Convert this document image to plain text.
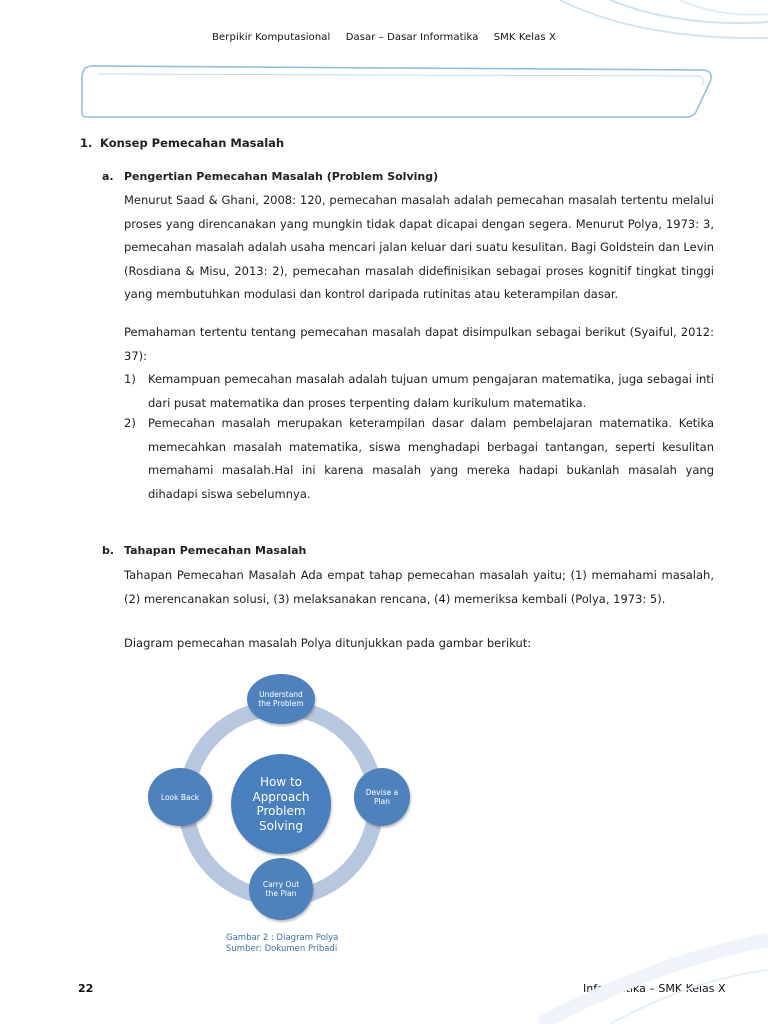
Berpikir Komputasional Dasar – Dasar Informatika SMK Kelas X
1. Konsep Pemecahan Masalah
a. Pengertian Pemecahan Masalah (Problem Solving)
Menurut Saad & Ghani, 2008: 120, pemecahan masalah adalah pemecahan masalah tertentu melalui proses yang direncanakan yang mungkin tidak dapat dicapai dengan segera. Menurut Polya, 1973: 3, pemecahan masalah adalah usaha mencari jalan keluar dari suatu kesulitan. Bagi Goldstein dan Levin (Rosdiana & Misu, 2013: 2), pemecahan masalah didefinisikan sebagai proses kognitif tingkat tinggi yang membutuhkan modulasi dan kontrol daripada rutinitas atau keterampilan dasar.
Pemahaman tertentu tentang pemecahan masalah dapat disimpulkan sebagai berikut (Syaiful, 2012: 37):
1) Kemampuan pemecahan masalah adalah tujuan umum pengajaran matematika, juga sebagai inti dari pusat matematika dan proses terpenting dalam kurikulum matematika.
2) Pemecahan masalah merupakan keterampilan dasar dalam pembelajaran matematika. Ketika memecahkan masalah matematika, siswa menghadapi berbagai tantangan, seperti kesulitan memahami masalah.Hal ini karena masalah yang mereka hadapi bukanlah masalah yang dihadapi siswa sebelumnya.
b. Tahapan Pemecahan Masalah
Tahapan Pemecahan Masalah Ada empat tahap pemecahan masalah yaitu; (1) memahami masalah, (2) merencanakan solusi, (3) melaksanakan rencana, (4) memeriksa kembali (Polya, 1973: 5).
Diagram pemecahan masalah Polya ditunjukkan pada gambar berikut:
How to Approach Problem Solving
Understand the Problem
Devise a Plan
Carry Out the Plan
Look Back
Gambar 2 : Diagram Polya
Sumber: Dokumen Pribadi
22	Informatika – SMK Kelas X
